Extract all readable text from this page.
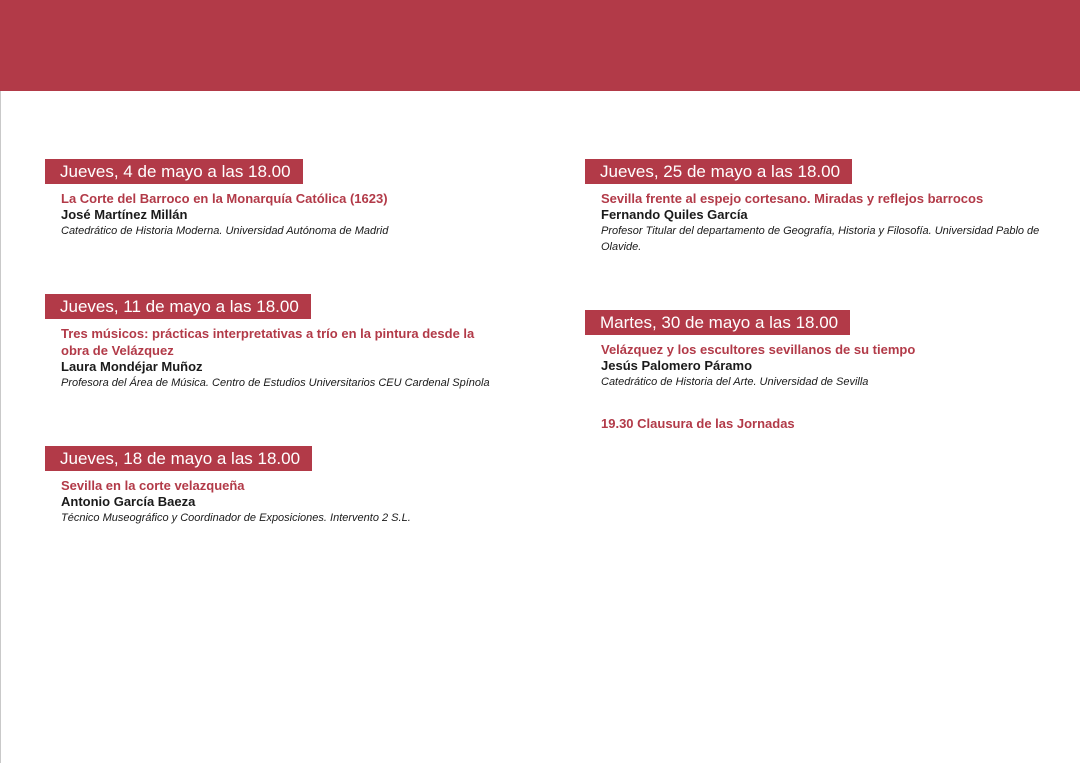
Jueves, 4 de mayo a las 18.00
La Corte del Barroco en la Monarquía Católica (1623)
José Martínez Millán
Catedrático de Historia Moderna. Universidad Autónoma de Madrid
Jueves, 11 de mayo a las 18.00
Tres músicos: prácticas interpretativas a trío en la pintura desde la obra de Velázquez
Laura Mondéjar Muñoz
Profesora del Área de Música. Centro de Estudios Universitarios CEU Cardenal Spínola
Jueves, 18 de mayo a las 18.00
Sevilla en la corte velazqueña
Antonio García Baeza
Técnico Museográfico y Coordinador de Exposiciones. Intervento 2 S.L.
Jueves, 25 de mayo a las 18.00
Sevilla frente al espejo cortesano. Miradas y reflejos barrocos
Fernando Quiles García
Profesor Titular del departamento de Geografía, Historia y Filosofía. Universidad Pablo de Olavide.
Martes, 30 de mayo a las 18.00
Velázquez y los escultores sevillanos de su tiempo
Jesús Palomero Páramo
Catedrático de Historia del Arte. Universidad de Sevilla
19.30 Clausura de las Jornadas
